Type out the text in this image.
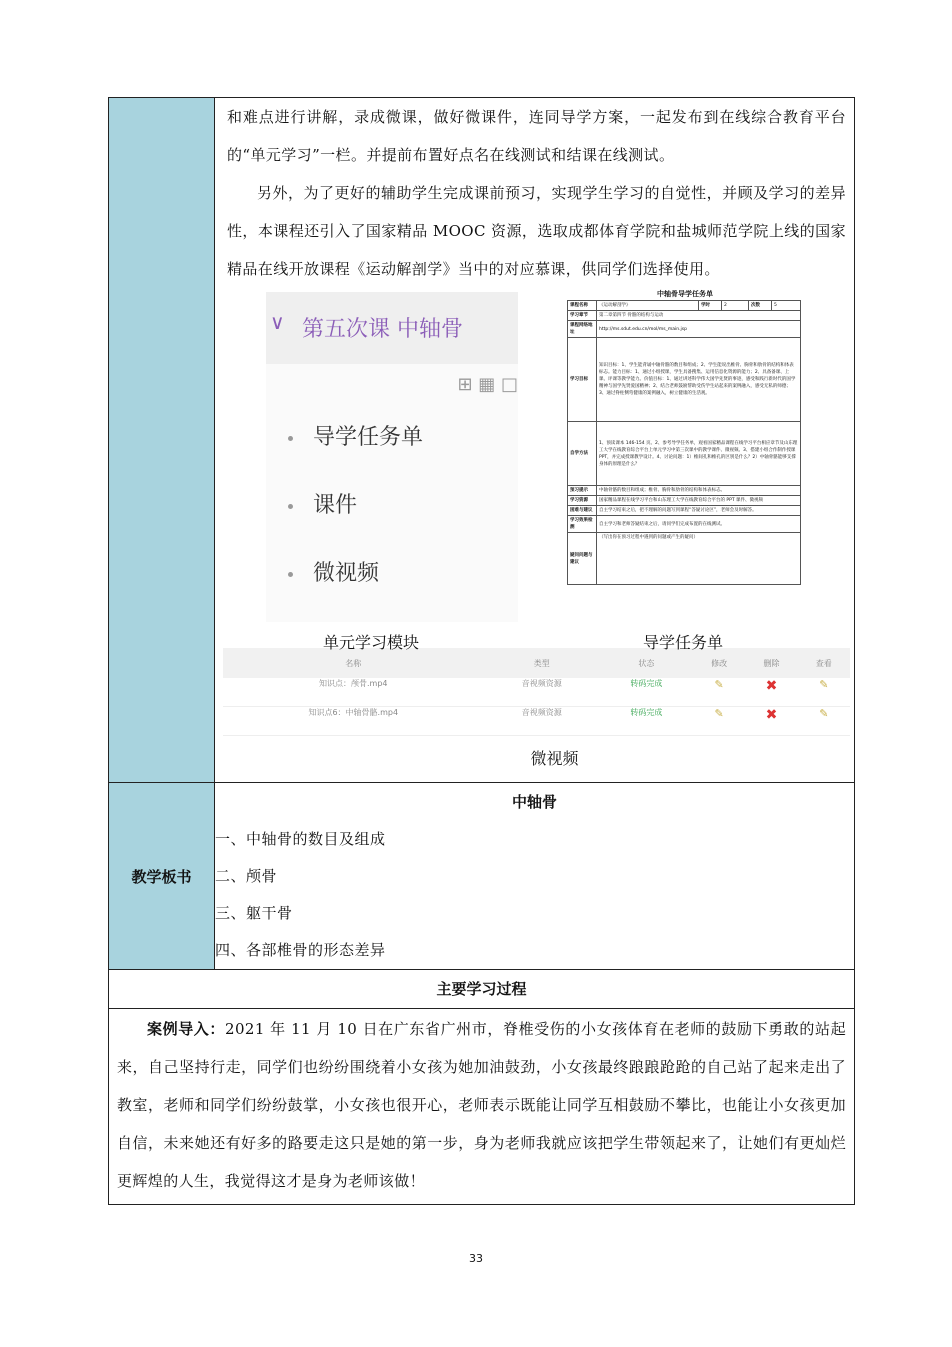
和难点进行讲解，录成微课，做好微课件，连同导学方案，一起发布到在线综合教育平台的“单元学习”一栏。并提前布置好点名在线测试和结课在线测试。

另外，为了更好的辅助学生完成课前预习，实现学生学习的自觉性，并顾及学习的差异性，本课程还引入了国家精品 MOOC 资源，选取成都体育学院和盐城师范学院上线的国家精品在线开放课程《运动解剖学》当中的对应慕课，供同学们选择使用。

∨ 第五次课 中轴骨
⊞ ▦ □
导学任务单
课件
微视频
中轴骨导学任务单
课程名称	《运动解剖学》	学时	2	次数	5
学习章节	第二章第四节 骨骼的结构与运动
课程网络地址	http://ms.sdut.edu.cn/mol/ms_main.jsp
学习目标	知识目标：1、学生能背诵中轴骨骼的数目和组成；2、学生能说出椎骨、胸骨和肋骨的结构和体表标志。能力目标：1、通过小组授课，学生具备搜集、运用信息化资源的能力；2、具备备课、上课、评课等教学能力。价值目标：1、通过讲述科学伟大国学先贤的事迹，感受和践行新时代的国学精神与国学先贤爱国精神；2、结合老师鼓励帮助受伤学生站起来的案例融入，感受无私的师德；3、通过脊柱侧弯健康的案例融入，树立健康的生活观。
自学方法	1、预读课本 146-154 页。2、参考导学任务单，观看国家精品课程在线学习平台相应章节及山东理工大学在线教育综合平台上单元学习中第三次课中的教学课件、微视频。3、搭建小组合作制作授课 PPT，并完成授课教学设计。4、讨论问题：1）椎间孔和椎孔的区别是什么？2）中轴骨骼能够支撑身体的原理是什么？
预习提示	中轴骨骼的数目和组成；椎骨、胸骨和肋骨的结构和体表标志。
学习资源	国家精品课程在线学习平台和山东理工大学在线教育综合平台的 PPT 课件、微视频
困难与建议	自主学习结束之后，把不理解的问题写到课程“答疑讨论区”，老师会及时解答。
学习效果检测	自主学习和老师答疑结束之后，请同学们完成布置的在线测试。
疑问问题与建议	（写出你在预习过程中遇到的问题或产生的疑问）
单元学习模块	导学任务单
名称	类型	状态	修改	删除	查看
知识点：颅骨.mp4	音视频资源	转码完成	✎	✖	✎
知识点6：中轴骨骼.mp4	音视频资源	转码完成	✎	✖	✎
微视频

教学板书

中轴骨
一、中轴骨的数目及组成
二、颅骨
三、躯干骨
四、各部椎骨的形态差异

主要学习过程

案例导入：2021 年 11 月 10 日在广东省广州市，脊椎受伤的小女孩体育在老师的鼓励下勇敢的站起来，自己坚持行走，同学们也纷纷围绕着小女孩为她加油鼓劲，小女孩最终踉踉跄跄的自己站了起来走出了教室，老师和同学们纷纷鼓掌，小女孩也很开心，老师表示既能让同学互相鼓励不攀比，也能让小女孩更加自信，未来她还有好多的路要走这只是她的第一步，身为老师我就应该把学生带领起来了，让她们有更灿烂更辉煌的人生，我觉得这才是身为老师该做！
33
